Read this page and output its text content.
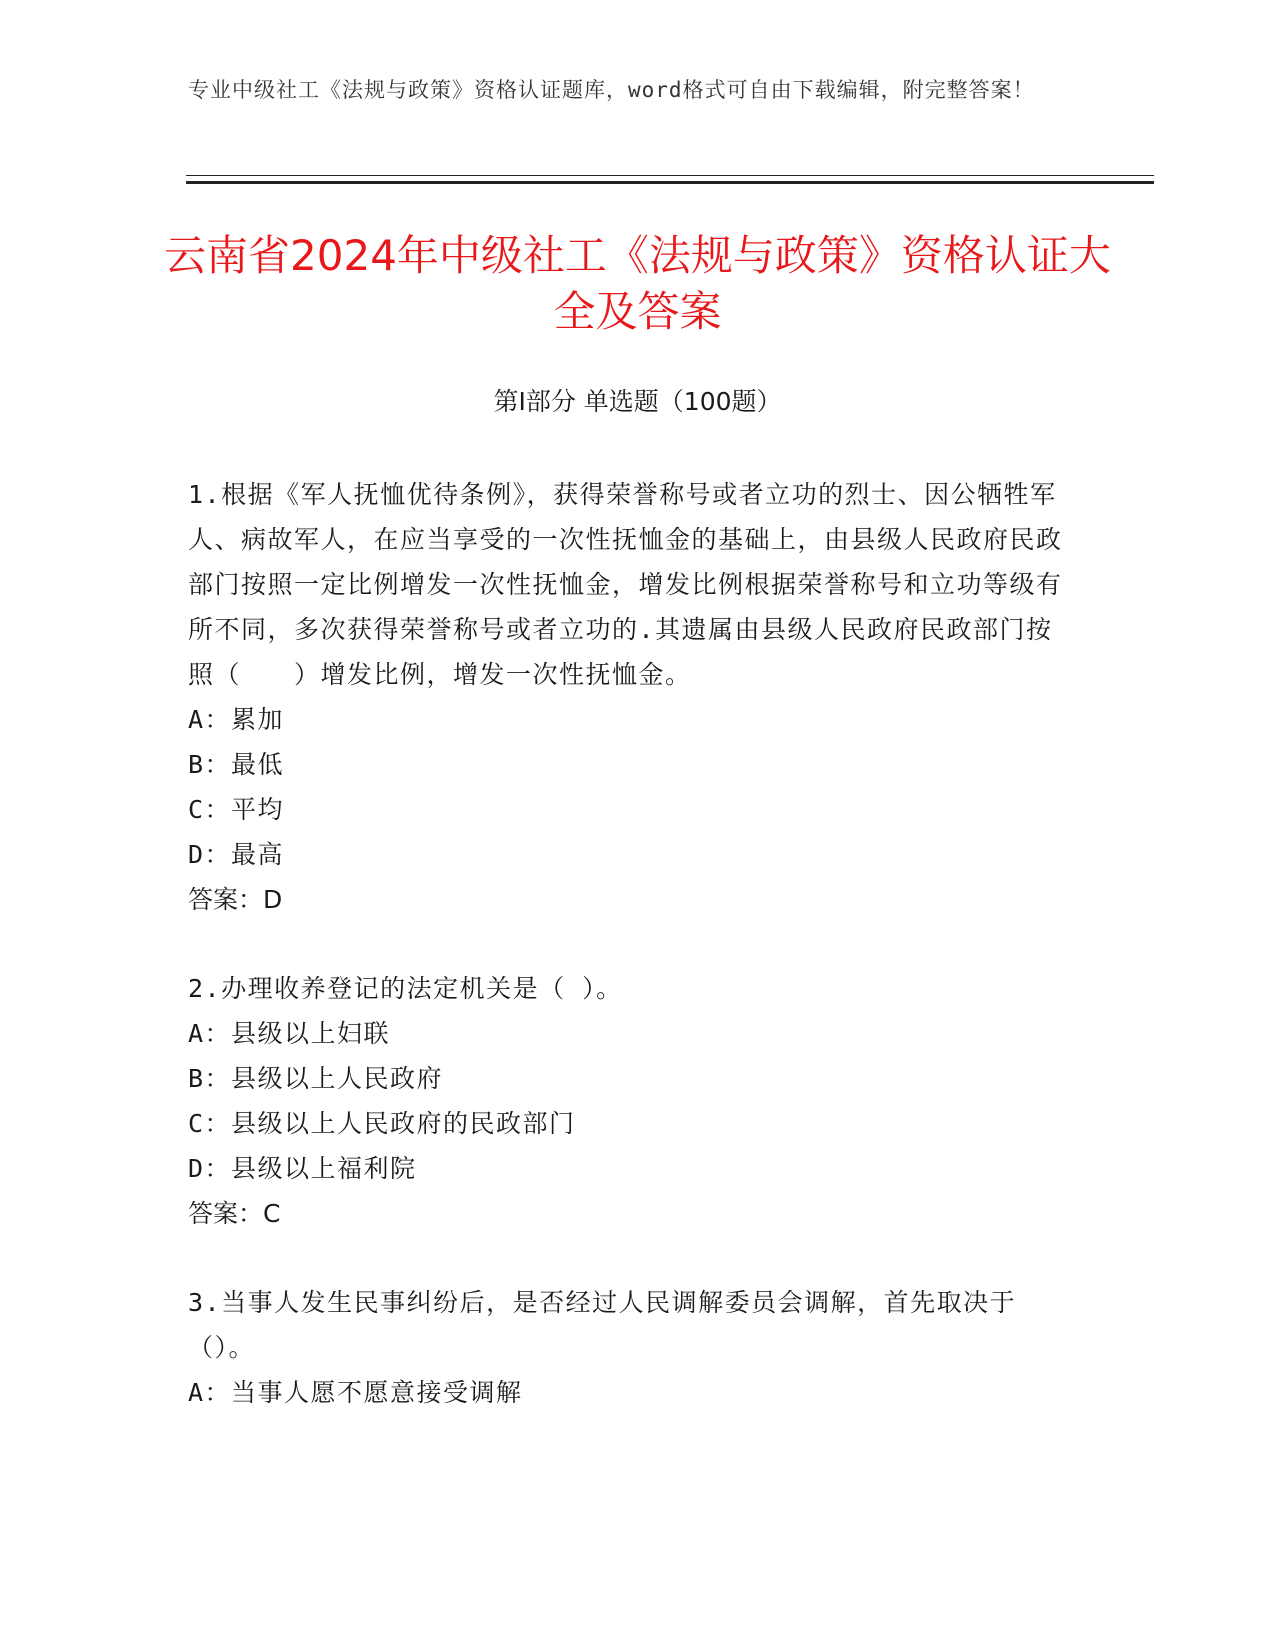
专业中级社工《法规与政策》资格认证题库，word格式可自由下载编辑，附完整答案！
云南省2024年中级社工《法规与政策》资格认证大全及答案
第Ⅰ部分 单选题（100题）

1.根据《军人抚恤优待条例》，获得荣誉称号或者立功的烈士、因公牺牲军人、病故军人，在应当享受的一次性抚恤金的基础上，由县级人民政府民政部门按照一定比例增发一次性抚恤金，增发比例根据荣誉称号和立功等级有所不同，多次获得荣誉称号或者立功的.其遗属由县级人民政府民政部门按照（　　）增发比例，增发一次性抚恤金。

A：累加

B：最低

C：平均

D：最高

答案：D

2.办理收养登记的法定机关是（ ）。

A：县级以上妇联

B：县级以上人民政府

C：县级以上人民政府的民政部门

D：县级以上福利院

答案：C

3.当事人发生民事纠纷后，是否经过人民调解委员会调解，首先取决于（）。

A：当事人愿不愿意接受调解
